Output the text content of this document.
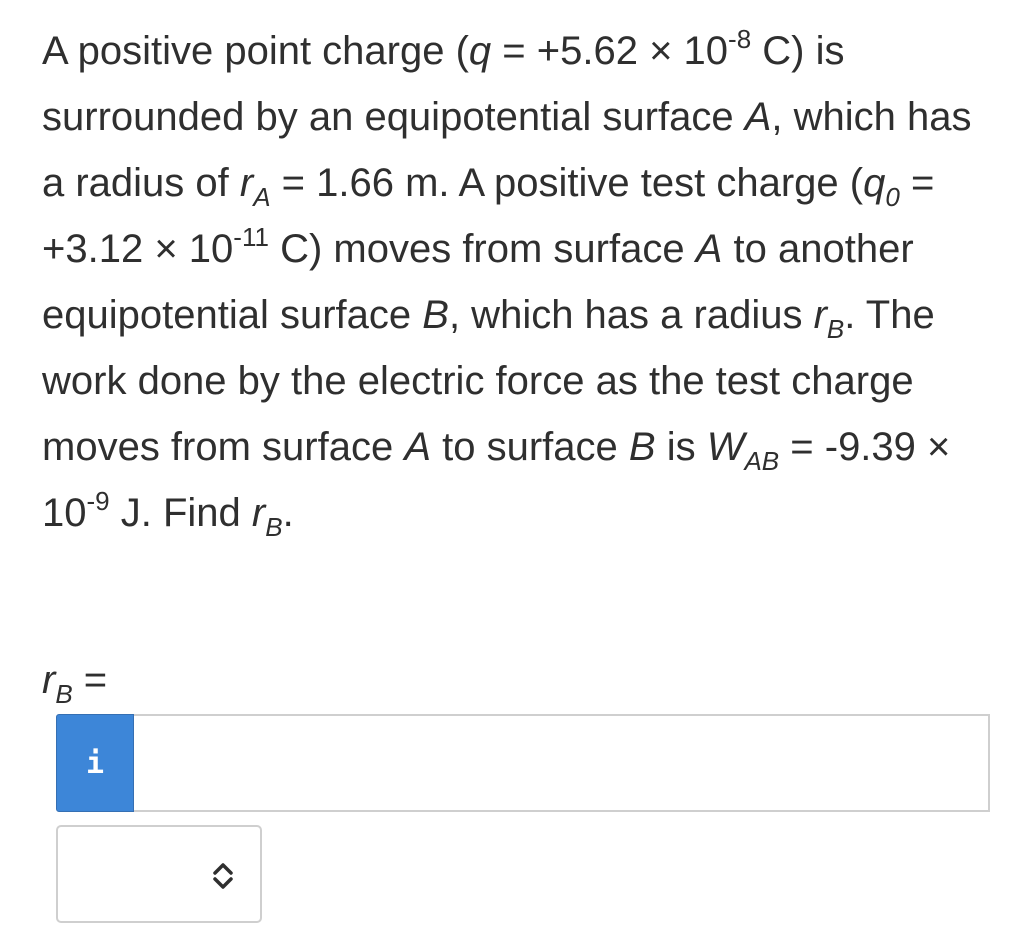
A positive point charge ($q = +5.62 \times 10^{-8}$ C) is surrounded by an equipotential surface A, which has a radius of $r_A = 1.66$ m. A positive test charge ($q_0 = +3.12 \times 10^{-11}$ C) moves from surface A to another equipotential surface B, which has a radius $r_B$. The work done by the electric force as the test charge moves from surface A to surface B is $W_{AB} = -9.39 \times 10^{-9}$ J. Find $r_B$.

$r_B$ =
i
